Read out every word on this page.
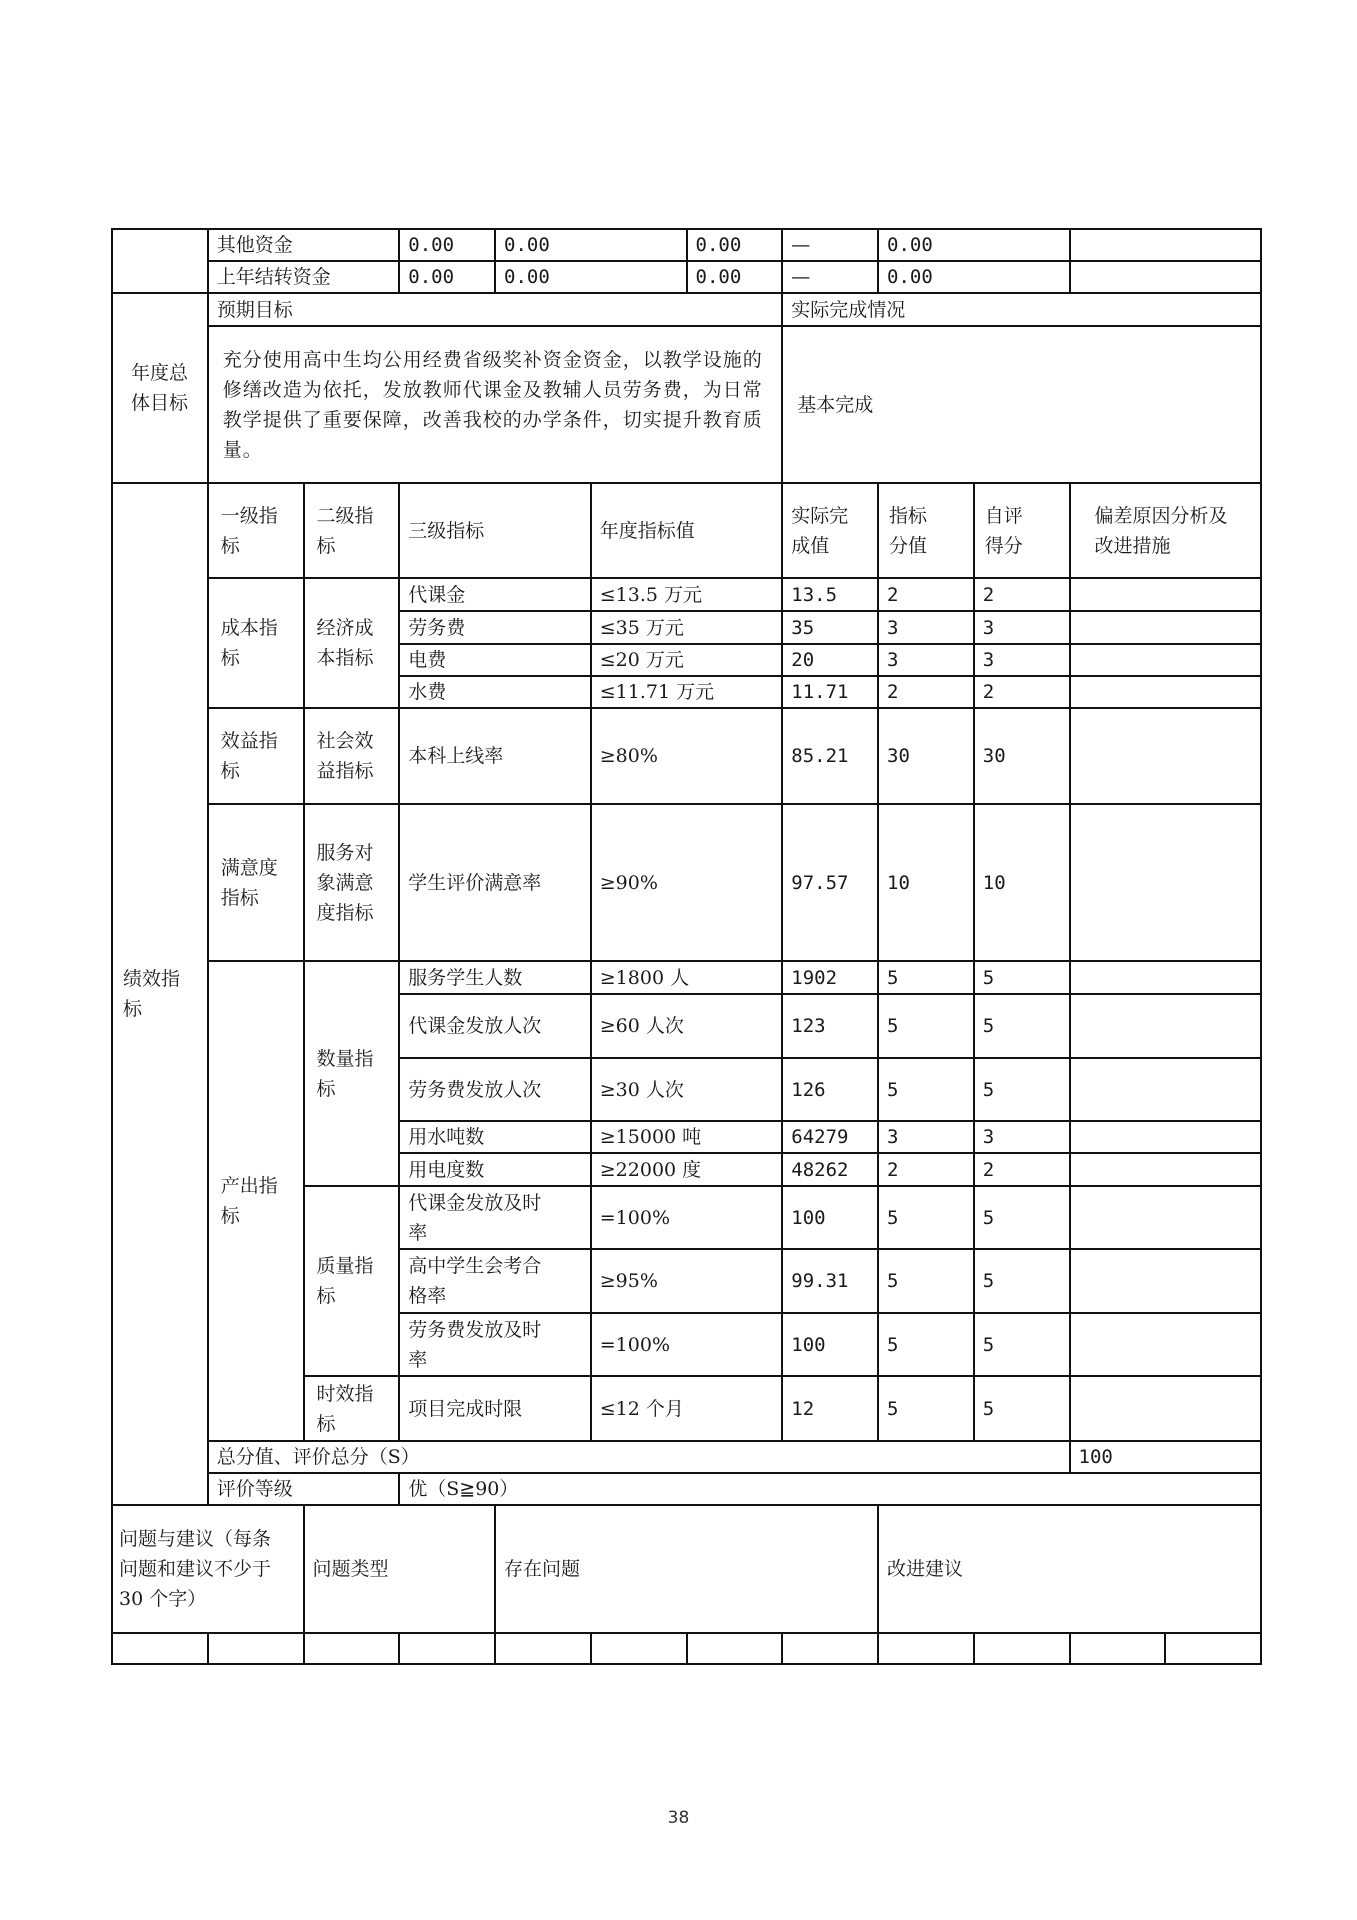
	其他资金		0.00	0.00		0.00	—	0.00			
	上年结转资金		0.00	0.00		0.00	—	0.00			
年度总体目标	预期目标						实际完成情况				
	充分使用高中生均公用经费省级奖补资金资金，以教学设施的修缮改造为依托，发放教师代课金及教辅人员劳务费，为日常教学提供了重要保障，改善我校的办学条件，切实提升教育质量。						基本完成				
绩效指标	一级指标	二级指标	三级指标		年度指标值		实际完成值	指标分值	自评得分	偏差原因分析及改进措施	
	成本指标	经济成本指标	代课金		≤13.5 万元		13.5	2	2		
			劳务费		≤35 万元		35	3	3		
			电费		≤20 万元		20	3	3		
			水费		≤11.71 万元		11.71	2	2		
	效益指标	社会效益指标	本科上线率		≥80%		85.21	30	30		
	满意度指标	服务对象满意度指标	学生评价满意率		≥90%		97.57	10	10		
	产出指标	数量指标	服务学生人数		≥1800 人		1902	5	5		
			代课金发放人次		≥60 人次		123	5	5		
			劳务费发放人次		≥30 人次		126	5	5		
			用水吨数		≥15000 吨		64279	3	3		
			用电度数		≥22000 度		48262	2	2		
		质量指标	代课金发放及时率		=100%		100	5	5		
			高中学生会考合格率		≥95%		99.31	5	5		
			劳务费发放及时率		=100%		100	5	5		
		时效指标	项目完成时限		≤12 个月		12	5	5		
	总分值、评价总分（S）									100	
	评价等级		优（S≧90）								
问题与建议（每条问题和建议不少于 30 个字）		问题类型		存在问题				改进建议			

38
